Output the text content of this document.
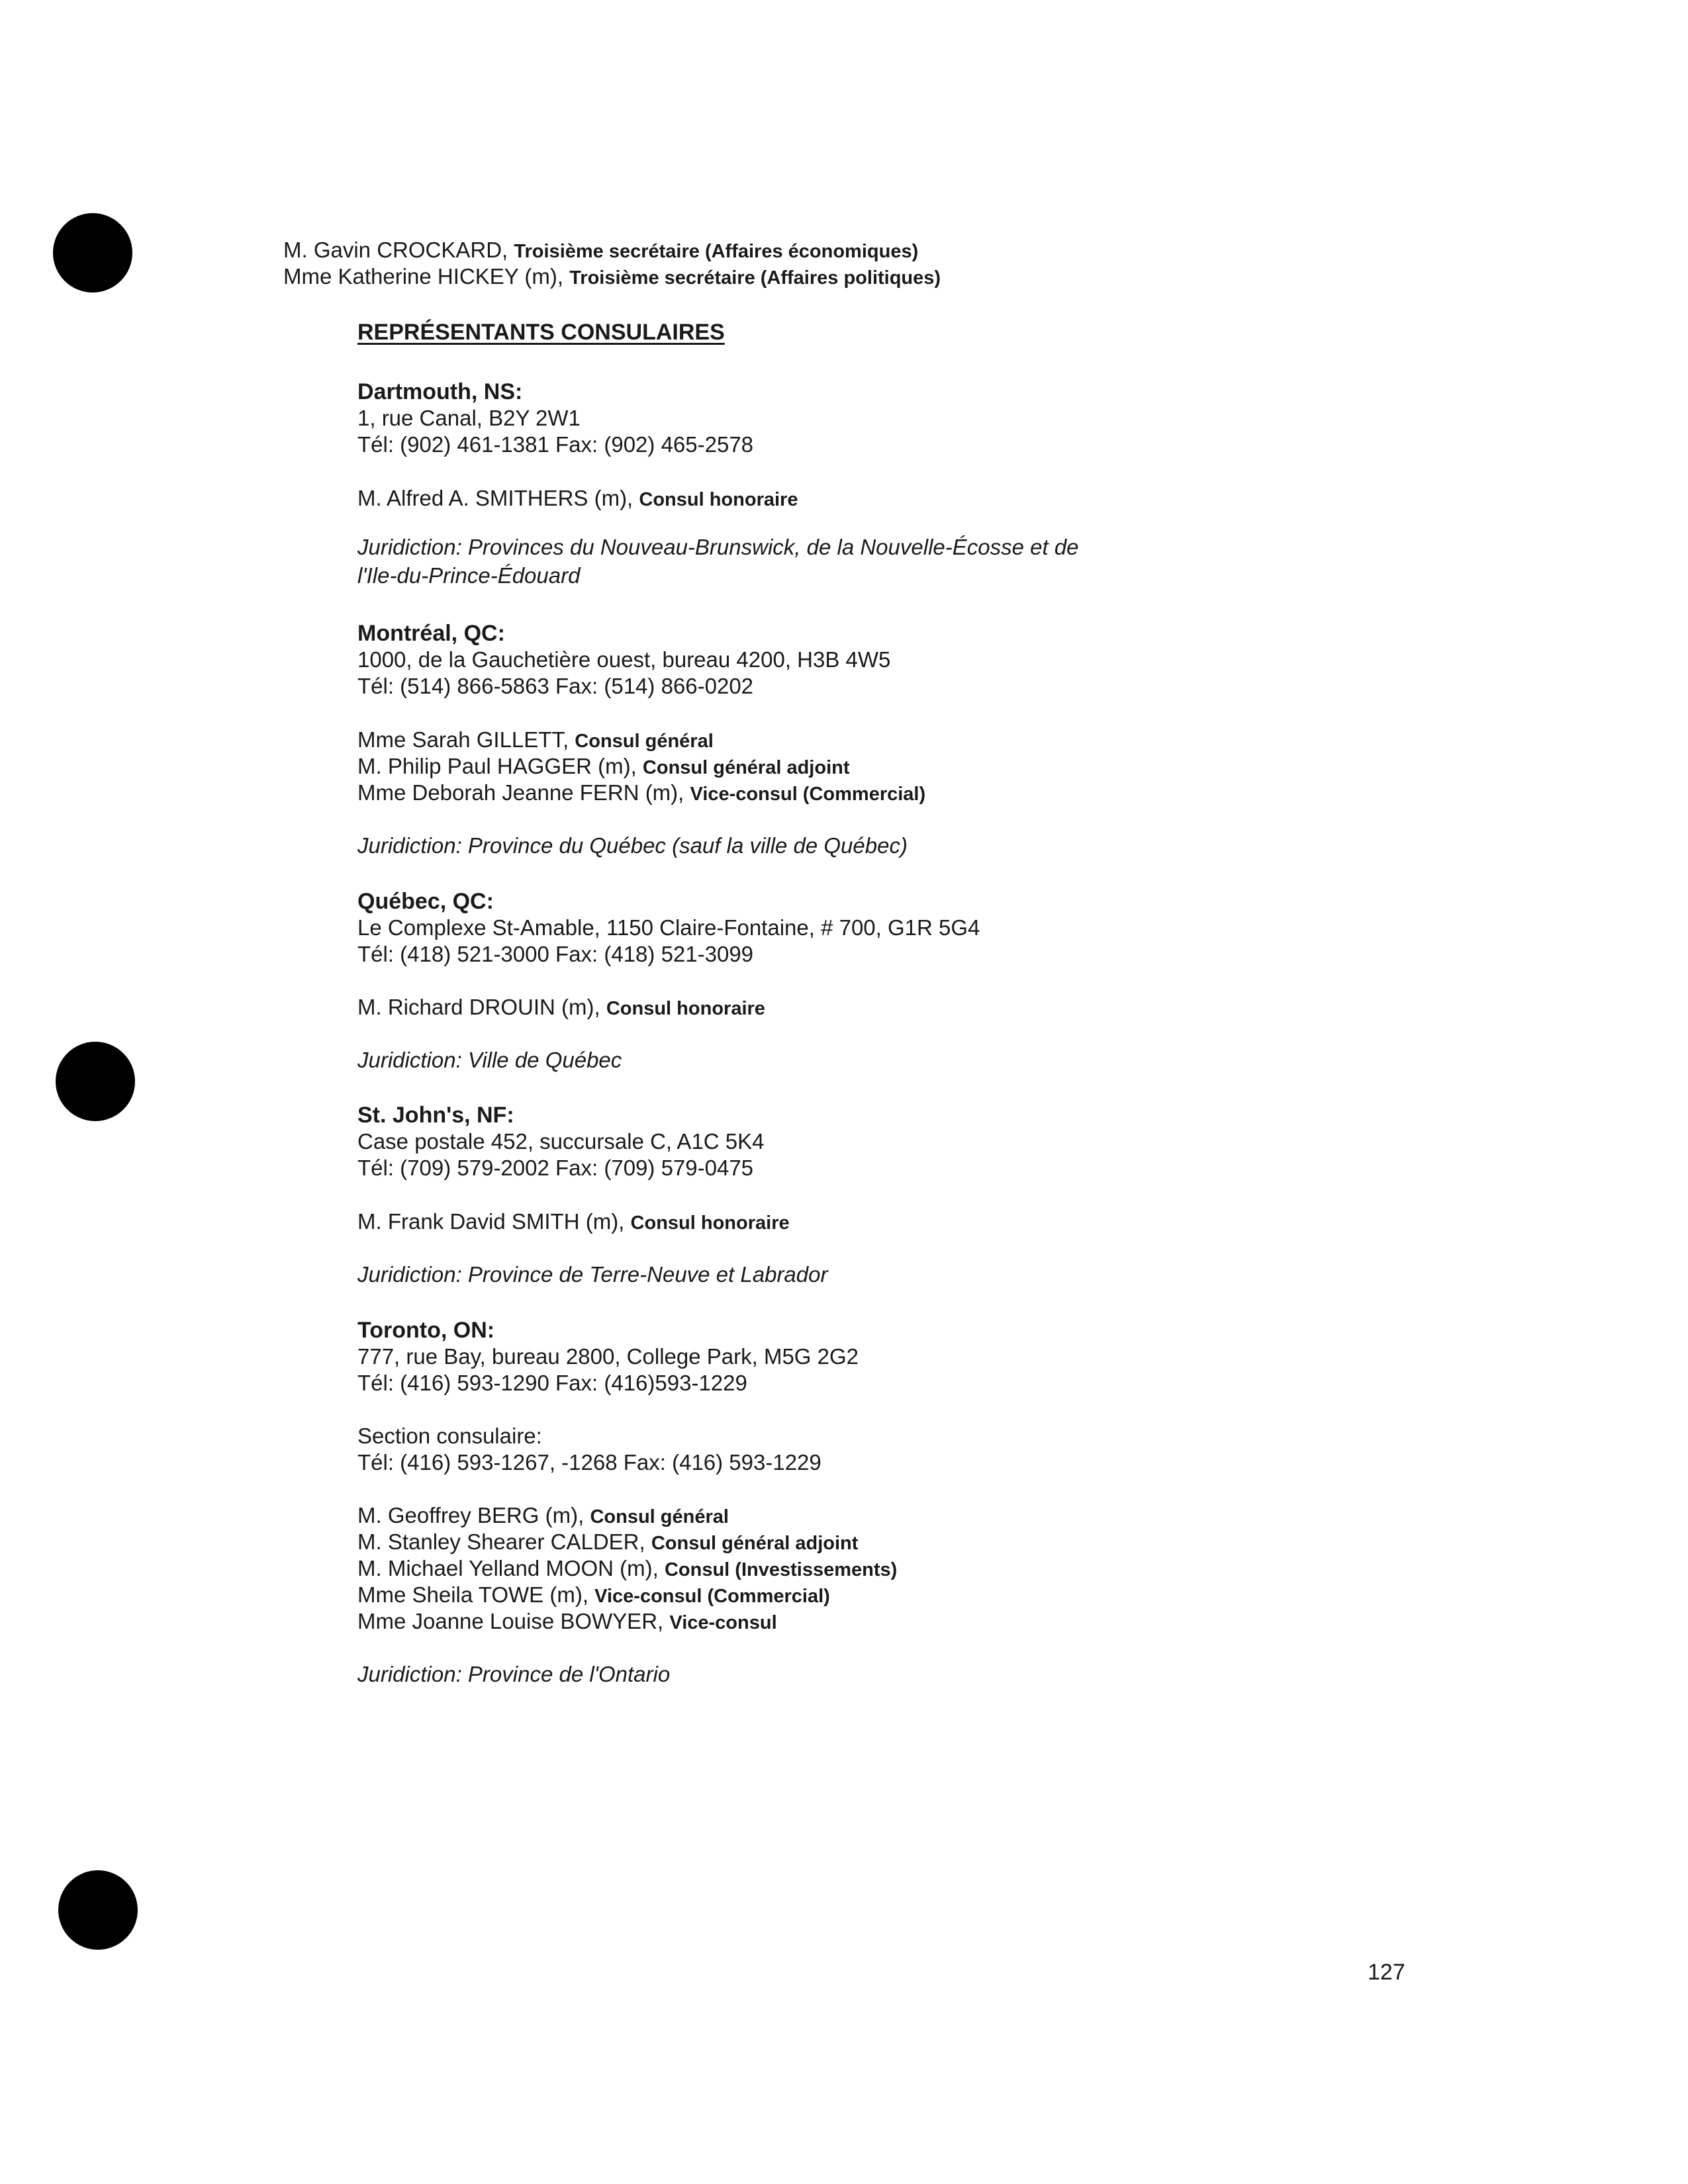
M. Gavin CROCKARD, Troisième secrétaire (Affaires économiques)
Mme Katherine HICKEY (m), Troisième secrétaire (Affaires politiques)
REPRÉSENTANTS CONSULAIRES
Dartmouth, NS:
1, rue Canal, B2Y 2W1
Tél: (902) 461-1381 Fax: (902) 465-2578
M. Alfred A. SMITHERS (m), Consul honoraire
Juridiction: Provinces du Nouveau-Brunswick, de la Nouvelle-Écosse et de
l'Ile-du-Prince-Édouard
Montréal, QC:
1000, de la Gauchetière ouest, bureau 4200, H3B 4W5
Tél: (514) 866-5863 Fax: (514) 866-0202
Mme Sarah GILLETT, Consul général
M. Philip Paul HAGGER (m), Consul général adjoint
Mme Deborah Jeanne FERN (m), Vice-consul (Commercial)
Juridiction: Province du Québec (sauf la ville de Québec)
Québec, QC:
Le Complexe St-Amable, 1150 Claire-Fontaine, # 700, G1R 5G4
Tél: (418) 521-3000 Fax: (418) 521-3099
M. Richard DROUIN (m), Consul honoraire
Juridiction: Ville de Québec
St. John's, NF:
Case postale 452, succursale C, A1C 5K4
Tél: (709) 579-2002 Fax: (709) 579-0475
M. Frank David SMITH (m), Consul honoraire
Juridiction: Province de Terre-Neuve et Labrador
Toronto, ON:
777, rue Bay, bureau 2800, College Park, M5G 2G2
Tél: (416) 593-1290 Fax: (416)593-1229
Section consulaire:
Tél: (416) 593-1267, -1268 Fax: (416) 593-1229
M. Geoffrey BERG (m), Consul général
M. Stanley Shearer CALDER, Consul général adjoint
M. Michael Yelland MOON (m), Consul (Investissements)
Mme Sheila TOWE (m), Vice-consul (Commercial)
Mme Joanne Louise BOWYER, Vice-consul
Juridiction: Province de l'Ontario
127
